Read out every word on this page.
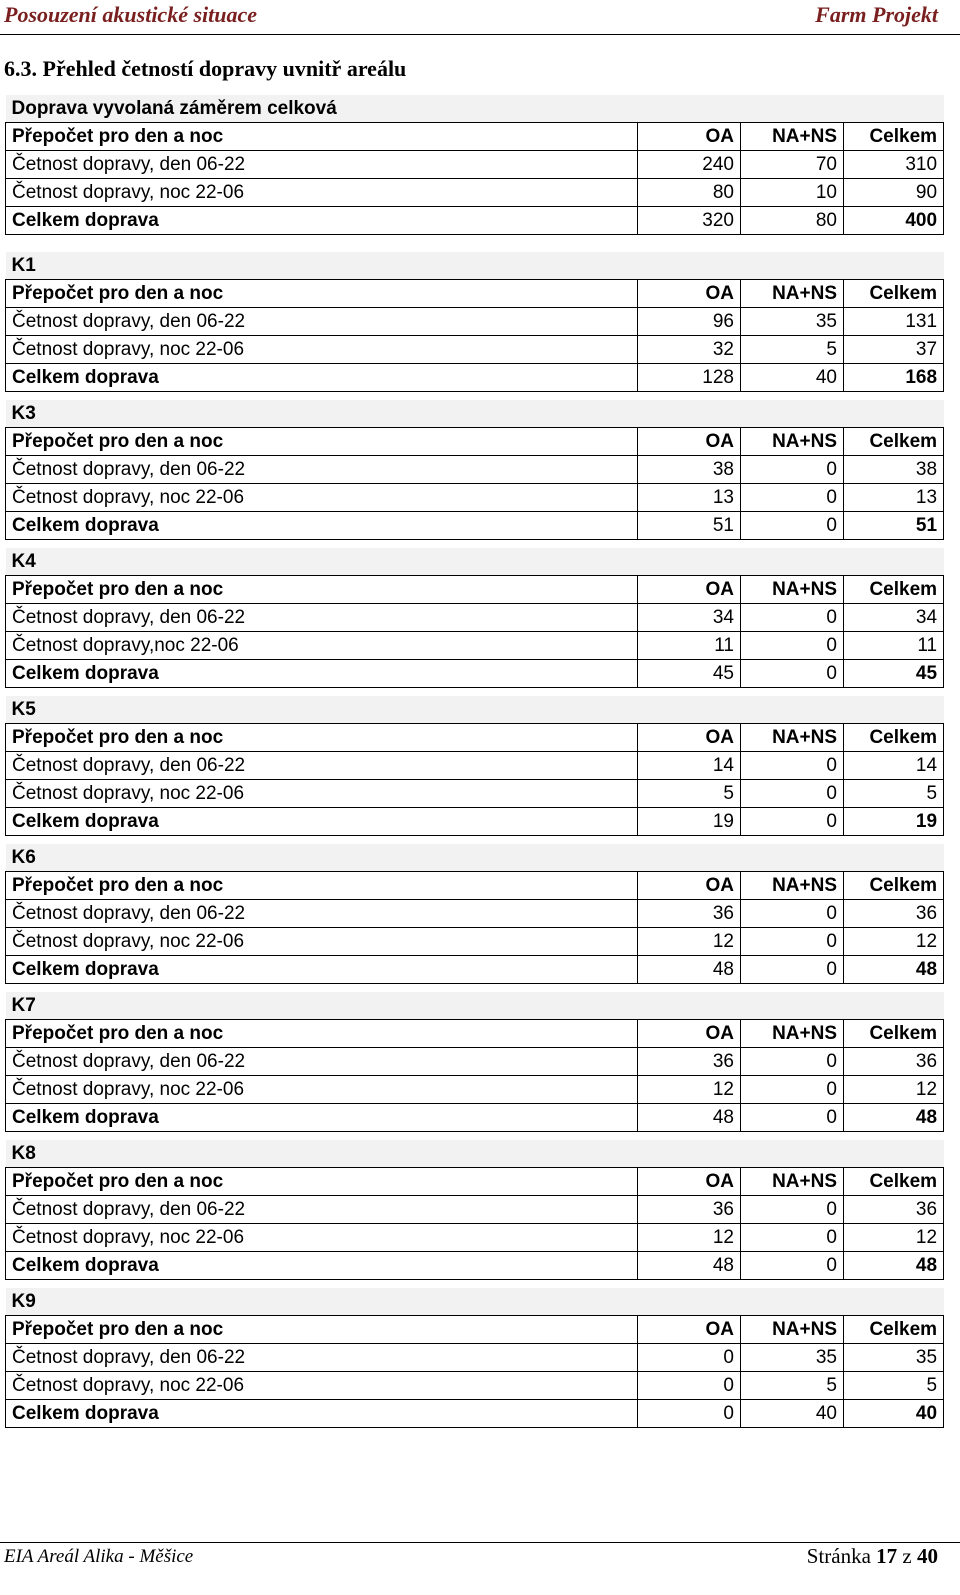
Posouzení akustické situace	Farm Projekt
6.3. Přehled četností dopravy uvnitř areálu
Doprava vyvolaná záměrem celková			
Přepočet pro den a noc	OA	NA+NS	Celkem
Četnost dopravy, den 06-22	240	70	310
Četnost dopravy, noc 22-06	80	10	90
Celkem doprava	320	80	400
K1			
Přepočet pro den a noc	OA	NA+NS	Celkem
Četnost dopravy, den 06-22	96	35	131
Četnost dopravy, noc 22-06	32	5	37
Celkem doprava	128	40	168
K3			
Přepočet pro den a noc	OA	NA+NS	Celkem
Četnost dopravy, den 06-22	38	0	38
Četnost dopravy, noc 22-06	13	0	13
Celkem doprava	51	0	51
K4			
Přepočet pro den a noc	OA	NA+NS	Celkem
Četnost dopravy, den 06-22	34	0	34
Četnost dopravy,noc 22-06	11	0	11
Celkem doprava	45	0	45
K5			
Přepočet pro den a noc	OA	NA+NS	Celkem
Četnost dopravy, den 06-22	14	0	14
Četnost dopravy, noc 22-06	5	0	5
Celkem doprava	19	0	19
K6			
Přepočet pro den a noc	OA	NA+NS	Celkem
Četnost dopravy, den 06-22	36	0	36
Četnost dopravy, noc 22-06	12	0	12
Celkem doprava	48	0	48
K7			
Přepočet pro den a noc	OA	NA+NS	Celkem
Četnost dopravy, den 06-22	36	0	36
Četnost dopravy, noc 22-06	12	0	12
Celkem doprava	48	0	48
K8			
Přepočet pro den a noc	OA	NA+NS	Celkem
Četnost dopravy, den 06-22	36	0	36
Četnost dopravy, noc 22-06	12	0	12
Celkem doprava	48	0	48
K9			
Přepočet pro den a noc	OA	NA+NS	Celkem
Četnost dopravy, den 06-22	0	35	35
Četnost dopravy, noc 22-06	0	5	5
Celkem doprava	0	40	40
EIA Areál Alika - Měšice	Stránka 17 z 40
